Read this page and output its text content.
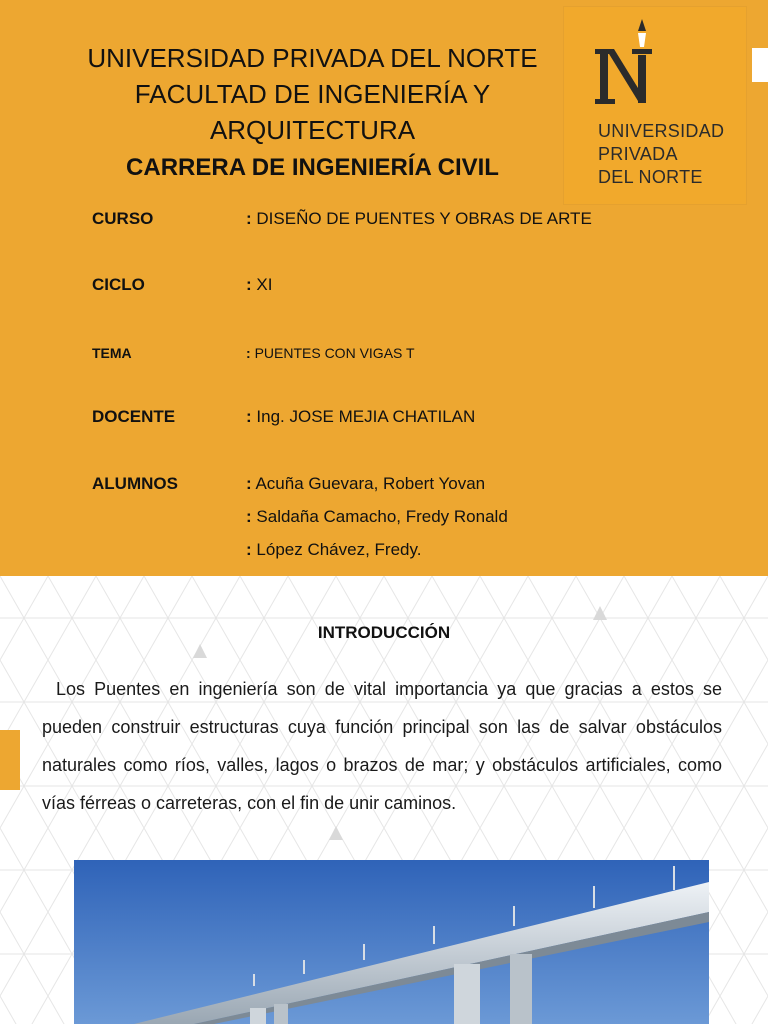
UNIVERSIDAD PRIVADA DEL NORTE
FACULTAD DE INGENIERÍA Y
ARQUITECTURA
CARRERA DE INGENIERÍA CIVIL
UNIVERSIDAD
PRIVADA
DEL NORTE
CURSO	: DISEÑO DE PUENTES Y OBRAS DE ARTE
CICLO	: XI
TEMA	: PUENTES CON VIGAS T
DOCENTE	: Ing. JOSE MEJIA CHATILAN
ALUMNOS	: Acuña Guevara, Robert Yovan
: Saldaña Camacho, Fredy Ronald
: López Chávez, Fredy.
INTRODUCCIÓN
Los Puentes en ingeniería son de vital importancia ya que gracias a estos se pueden construir estructuras cuya función principal son las de salvar obstáculos naturales como ríos, valles, lagos o brazos de mar; y obstáculos artificiales, como vías férreas o carreteras, con el fin de unir caminos.
